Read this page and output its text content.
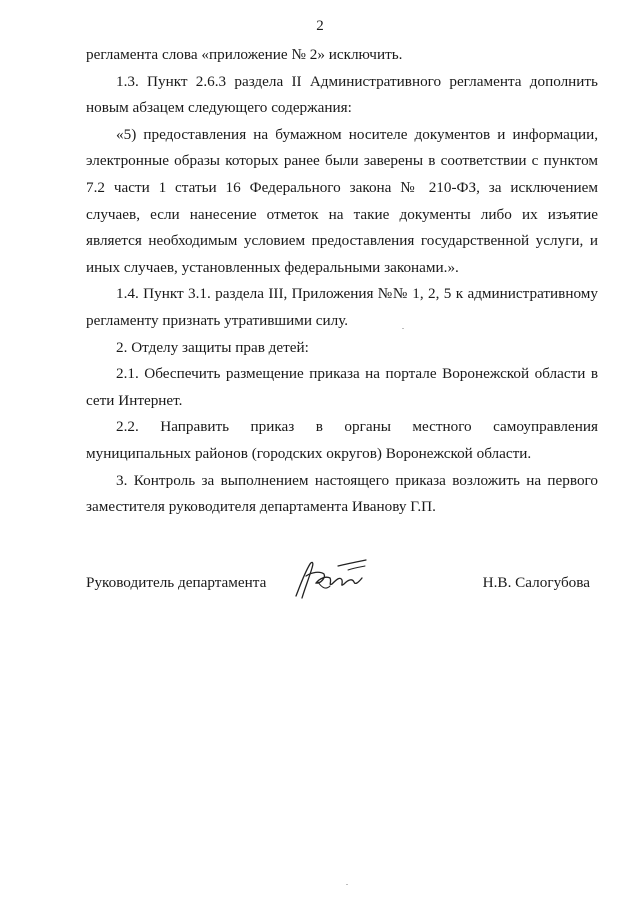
2

регламента слова «приложение № 2» исключить.

1.3. Пункт 2.6.3 раздела II Административного регламента дополнить новым абзацем следующего содержания:

«5) предоставления на бумажном носителе документов и информации, электронные образы которых ранее были заверены в соответствии с пунктом 7.2 части 1 статьи 16 Федерального закона № 210-ФЗ, за исключением случаев, если нанесение отметок на такие документы либо их изъятие является необходимым условием предоставления государственной услуги, и иных случаев, установленных федеральными законами.».

1.4. Пункт 3.1. раздела III, Приложения №№ 1, 2, 5 к административному регламенту признать утратившими силу.

2. Отделу защиты прав детей:

2.1. Обеспечить размещение приказа на портале Воронежской области в сети Интернет.

2.2. Направить приказ в органы местного самоуправления муниципальных районов (городских округов) Воронежской области.

3. Контроль за выполнением настоящего приказа возложить на первого заместителя руководителя департамента Иванову Г.П.

Руководитель департамента	Н.В. Салогубова
